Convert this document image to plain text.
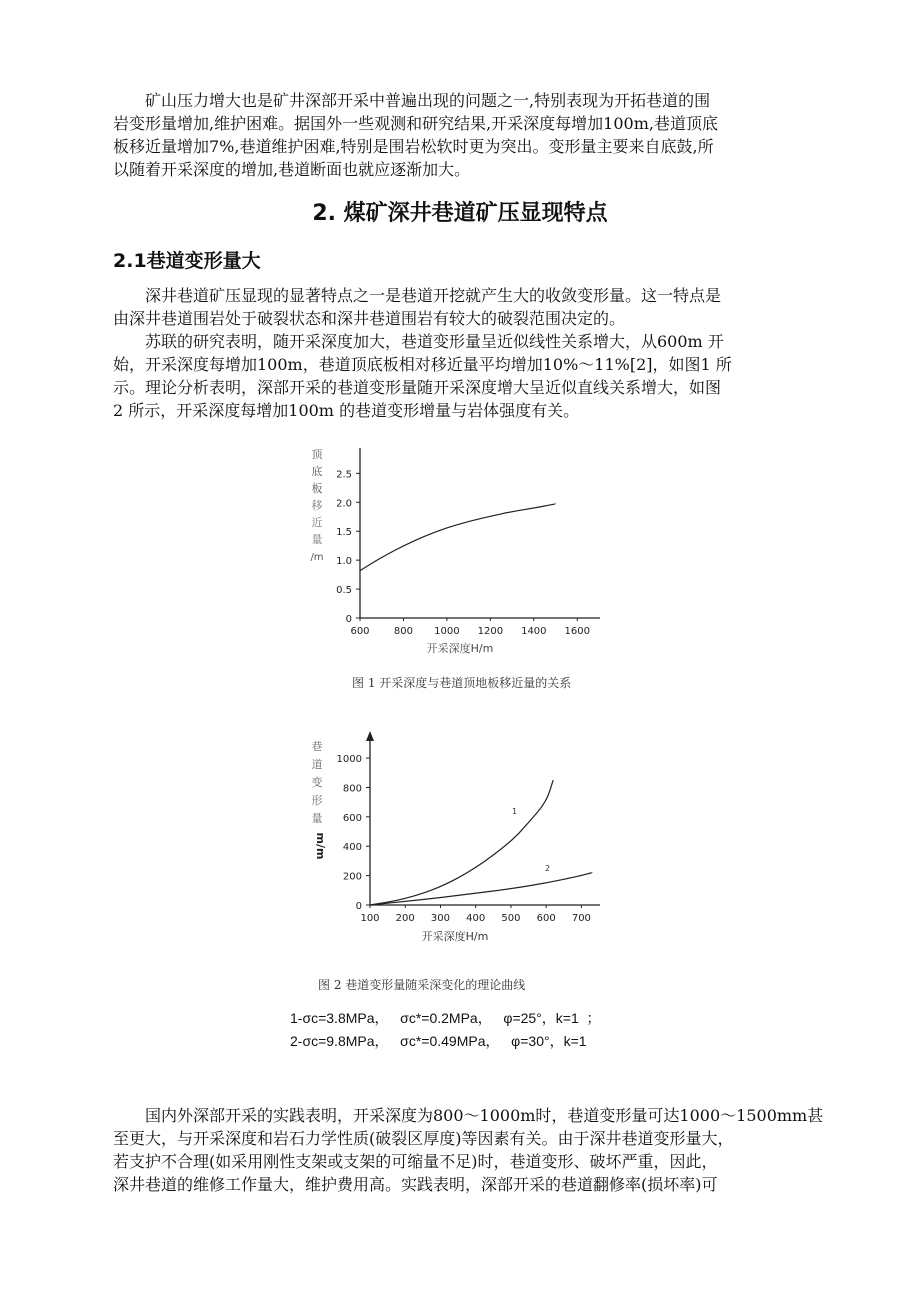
矿山压力增大也是矿井深部开采中普遍出现的问题之一,特别表现为开拓巷道的围
岩变形量增加,维护困难。据国外一些观测和研究结果,开采深度每增加100m,巷道顶底
板移近量增加7%,巷道维护困难,特别是围岩松软时更为突出。变形量主要来自底鼓,所
以随着开采深度的增加,巷道断面也就应逐渐加大。
2. 煤矿深井巷道矿压显现特点
2.1巷道变形量大
深井巷道矿压显现的显著特点之一是巷道开挖就产生大的收敛变形量。这一特点是
由深井巷道围岩处于破裂状态和深井巷道围岩有较大的破裂范围决定的。
苏联的研究表明，随开采深度加大，巷道变形量呈近似线性关系增大，从600m 开
始，开采深度每增加100m，巷道顶底板相对移近量平均增加10%～11%[2]，如图1 所
示。理论分析表明，深部开采的巷道变形量随开采深度增大呈近似直线关系增大，如图
2 所示，开采深度每增加100m 的巷道变形增量与岩体强度有关。
顶
底
板
移
近
量
/m
0
0.5
1.0
1.5
2.0
2.5
600 800 1000 1200 1400 1600
开采深度H/m
图 1 开采深度与巷道顶地板移近量的关系
巷
道
变
形
量
m/m
0
200
400
600
800
1000
100 200 300 400 500 600 700
1
2
开采深度H/m
图 2 巷道变形量随采深变化的理论曲线
1-σc=3.8MPa，   σc*=0.2MPa，   φ=25°，k=1  ；
2-σc=9.8MPa，   σc*=0.49MPa，   φ=30°，k=1
国内外深部开采的实践表明，开采深度为800～1000m时，巷道变形量可达1000～1500mm甚
至更大，与开采深度和岩石力学性质(破裂区厚度)等因素有关。由于深井巷道变形量大，
若支护不合理(如采用刚性支架或支架的可缩量不足)时，巷道变形、破坏严重，因此，
深井巷道的维修工作量大，维护费用高。实践表明，深部开采的巷道翻修率(损坏率)可
